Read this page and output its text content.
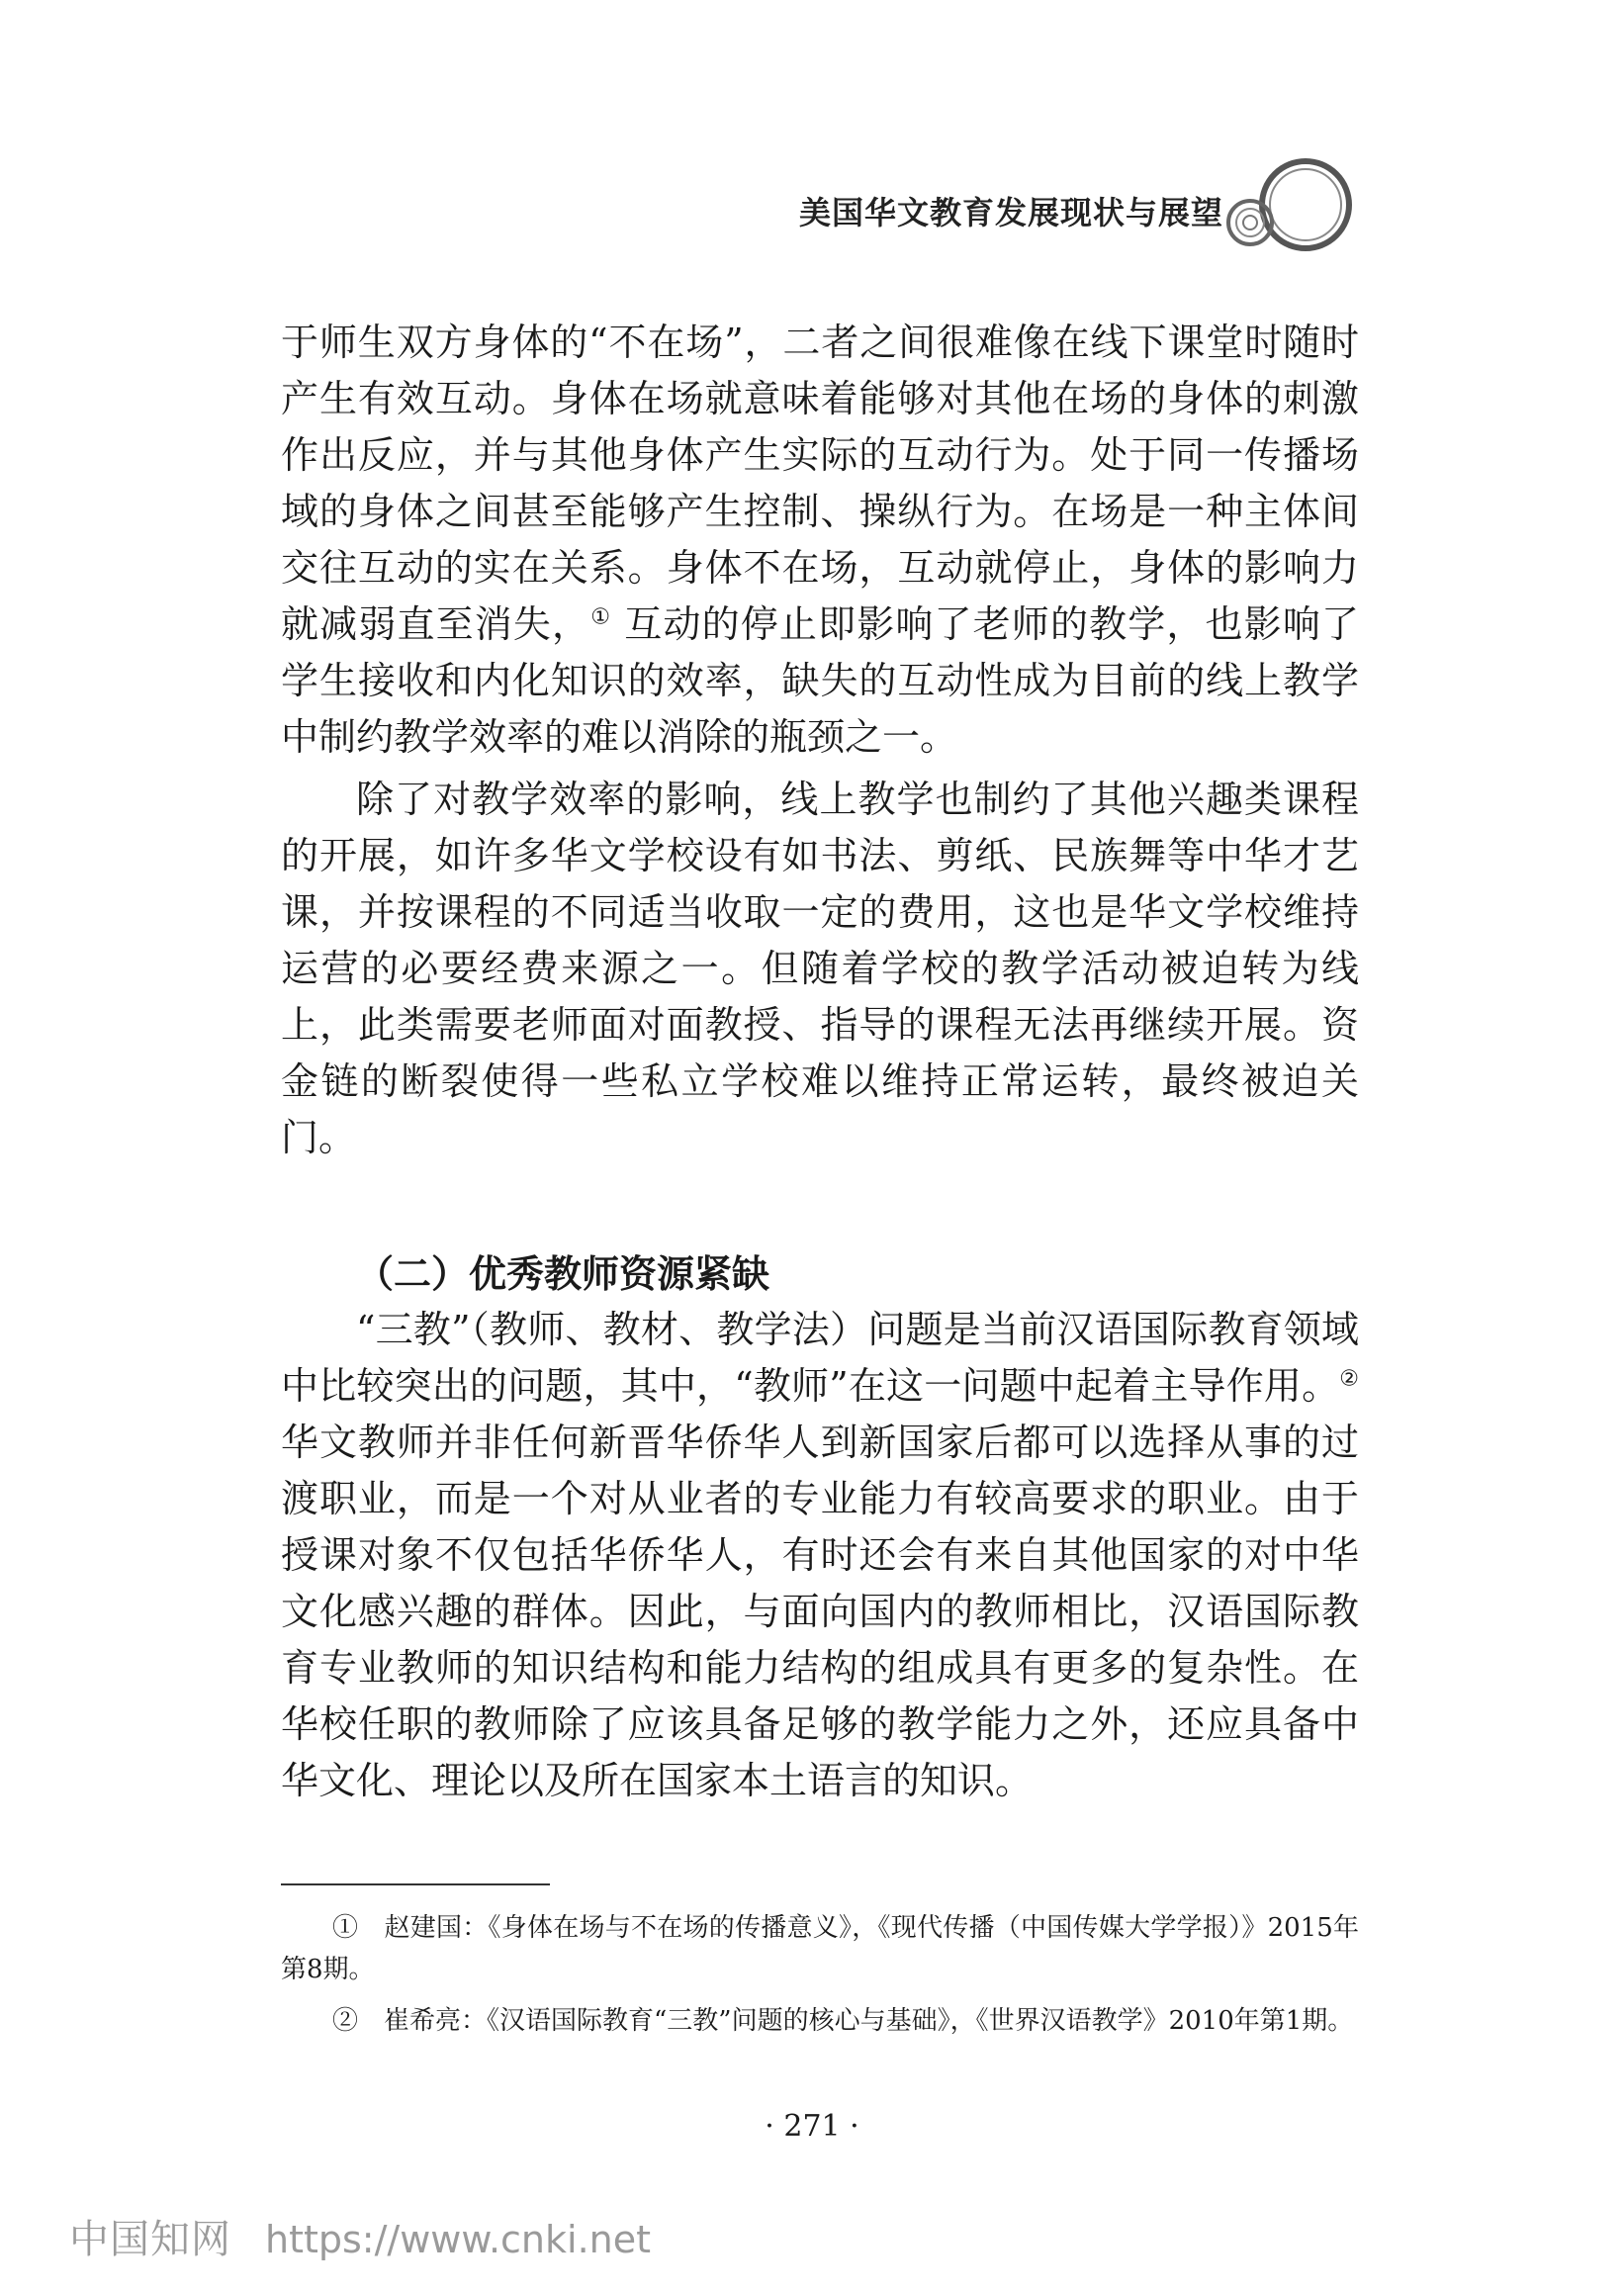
美国华文教育发展现状与展望

于师生双方身体的“不在场”，二者之间很难像在线下课堂时随时产生有效互动。身体在场就意味着能够对其他在场的身体的刺激作出反应，并与其他身体产生实际的互动行为。处于同一传播场域的身体之间甚至能够产生控制、操纵行为。在场是一种主体间交往互动的实在关系。身体不在场，互动就停止，身体的影响力就减弱直至消失，① 互动的停止即影响了老师的教学，也影响了学生接收和内化知识的效率，缺失的互动性成为目前的线上教学中制约教学效率的难以消除的瓶颈之一。

除了对教学效率的影响，线上教学也制约了其他兴趣类课程的开展，如许多华文学校设有如书法、剪纸、民族舞等中华才艺课，并按课程的不同适当收取一定的费用，这也是华文学校维持运营的必要经费来源之一。但随着学校的教学活动被迫转为线上，此类需要老师面对面教授、指导的课程无法再继续开展。资金链的断裂使得一些私立学校难以维持正常运转，最终被迫关门。

（二）优秀教师资源紧缺

“三教”（教师、教材、教学法）问题是当前汉语国际教育领域中比较突出的问题，其中，“教师”在这一问题中起着主导作用。②华文教师并非任何新晋华侨华人到新国家后都可以选择从事的过渡职业，而是一个对从业者的专业能力有较高要求的职业。由于授课对象不仅包括华侨华人，有时还会有来自其他国家的对中华文化感兴趣的群体。因此，与面向国内的教师相比，汉语国际教育专业教师的知识结构和能力结构的组成具有更多的复杂性。在华校任职的教师除了应该具备足够的教学能力之外，还应具备中华文化、理论以及所在国家本土语言的知识。

①　赵建国：《身体在场与不在场的传播意义》，《现代传播（中国传媒大学学报）》2015年第8期。

②　崔希亮：《汉语国际教育“三教”问题的核心与基础》，《世界汉语教学》2010年第1期。

· 271 ·
中国知网 https://www.cnki.net
